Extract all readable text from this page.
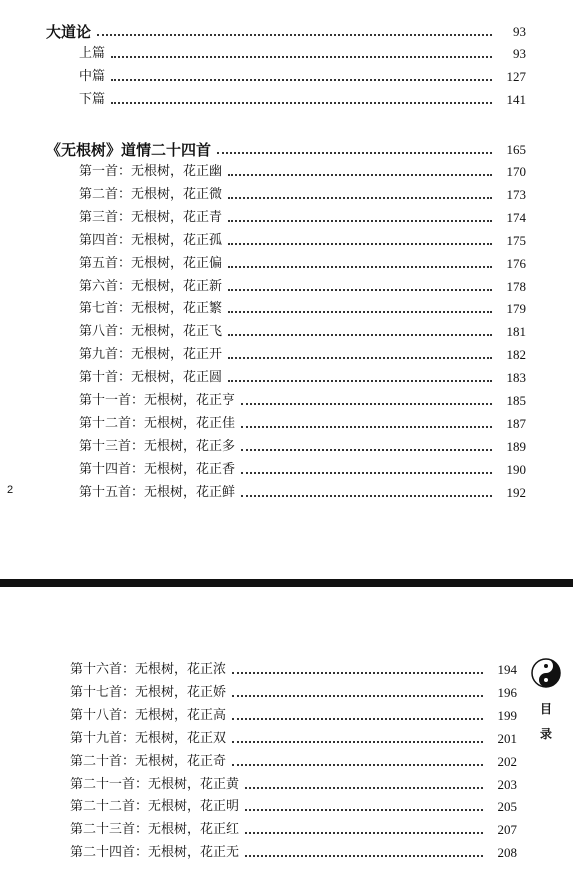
大道论	93
上篇	93
中篇	127
下篇	141
《无根树》道情二十四首	165
第一首：无根树，花正幽	170
第二首：无根树，花正微	173
第三首：无根树，花正青	174
第四首：无根树，花正孤	175
第五首：无根树，花正偏	176
第六首：无根树，花正新	178
第七首：无根树，花正繁	179
第八首：无根树，花正飞	181
第九首：无根树，花正开	182
第十首：无根树，花正圆	183
第十一首：无根树，花正亨	185
第十二首：无根树，花正佳	187
第十三首：无根树，花正多	189
第十四首：无根树，花正香	190
第十五首：无根树，花正鲜	192
2
第十六首：无根树，花正浓	194
第十七首：无根树，花正娇	196
第十八首：无根树，花正高	199
第十九首：无根树，花正双	201
第二十首：无根树，花正奇	202
第二十一首：无根树，花正黄	203
第二十二首：无根树，花正明	205
第二十三首：无根树，花正红	207
第二十四首：无根树，花正无	208
目
录
